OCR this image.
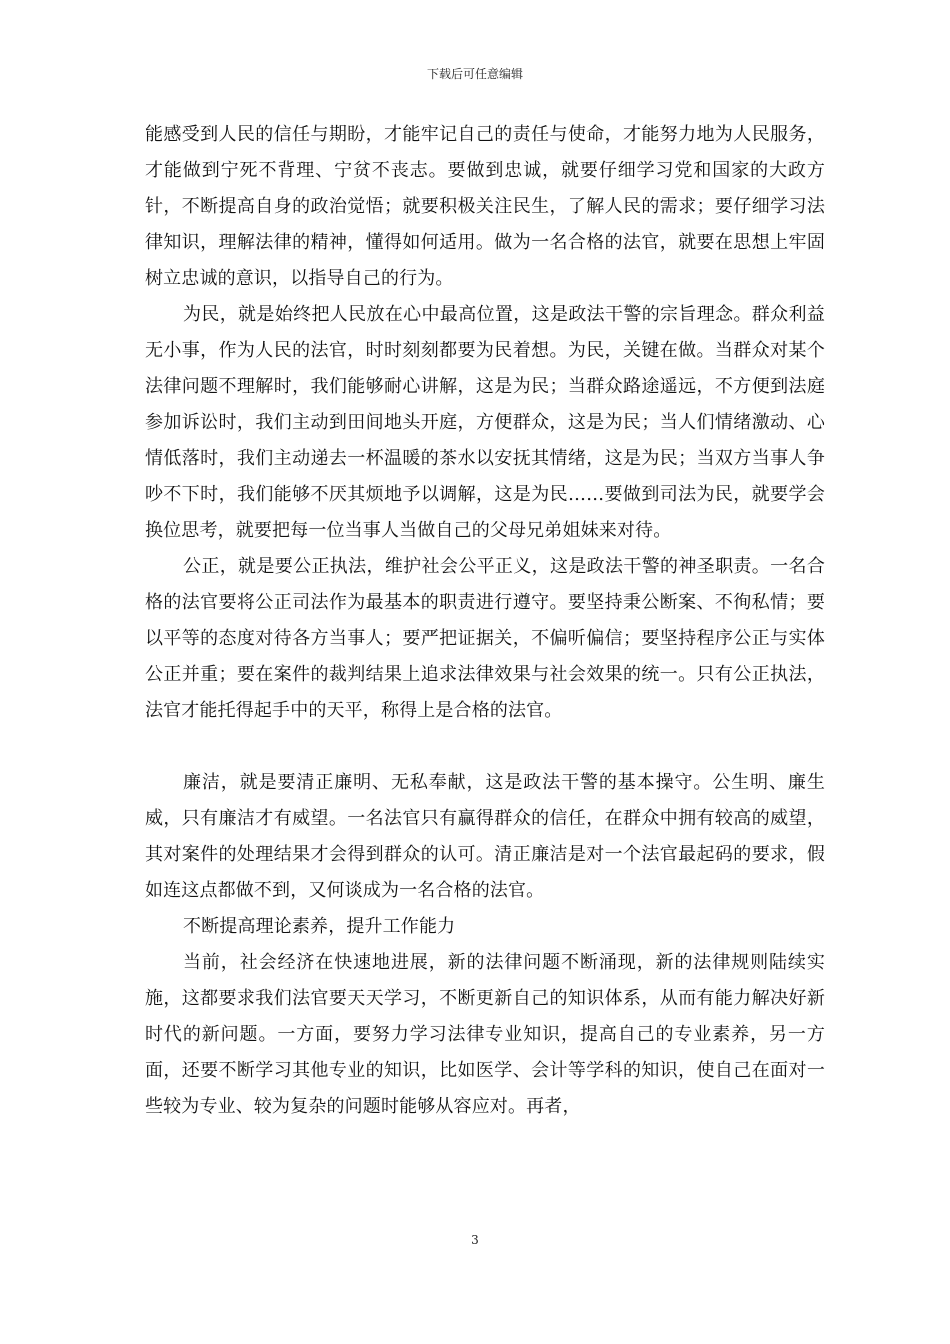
下载后可任意编辑

能感受到人民的信任与期盼，才能牢记自己的责任与使命，才能努力地为人民服务，才能做到宁死不背理、宁贫不丧志。要做到忠诚，就要仔细学习党和国家的大政方针，不断提高自身的政治觉悟；就要积极关注民生，了解人民的需求；要仔细学习法律知识，理解法律的精神，懂得如何适用。做为一名合格的法官，就要在思想上牢固树立忠诚的意识，以指导自己的行为。

为民，就是始终把人民放在心中最高位置，这是政法干警的宗旨理念。群众利益无小事，作为人民的法官，时时刻刻都要为民着想。为民，关键在做。当群众对某个法律问题不理解时，我们能够耐心讲解，这是为民；当群众路途遥远，不方便到法庭参加诉讼时，我们主动到田间地头开庭，方便群众，这是为民；当人们情绪激动、心情低落时，我们主动递去一杯温暖的茶水以安抚其情绪，这是为民；当双方当事人争吵不下时，我们能够不厌其烦地予以调解，这是为民……要做到司法为民，就要学会换位思考，就要把每一位当事人当做自己的父母兄弟姐妹来对待。

公正，就是要公正执法，维护社会公平正义，这是政法干警的神圣职责。一名合格的法官要将公正司法作为最基本的职责进行遵守。要坚持秉公断案、不徇私情；要以平等的态度对待各方当事人；要严把证据关，不偏听偏信；要坚持程序公正与实体公正并重；要在案件的裁判结果上追求法律效果与社会效果的统一。只有公正执法，法官才能托得起手中的天平，称得上是合格的法官。

廉洁，就是要清正廉明、无私奉献，这是政法干警的基本操守。公生明、廉生威，只有廉洁才有威望。一名法官只有赢得群众的信任，在群众中拥有较高的威望，其对案件的处理结果才会得到群众的认可。清正廉洁是对一个法官最起码的要求，假如连这点都做不到，又何谈成为一名合格的法官。

不断提高理论素养，提升工作能力

当前，社会经济在快速地进展，新的法律问题不断涌现，新的法律规则陆续实施，这都要求我们法官要天天学习，不断更新自己的知识体系，从而有能力解决好新时代的新问题。一方面，要努力学习法律专业知识，提高自己的专业素养，另一方面，还要不断学习其他专业的知识，比如医学、会计等学科的知识，使自己在面对一些较为专业、较为复杂的问题时能够从容应对。再者，

3
